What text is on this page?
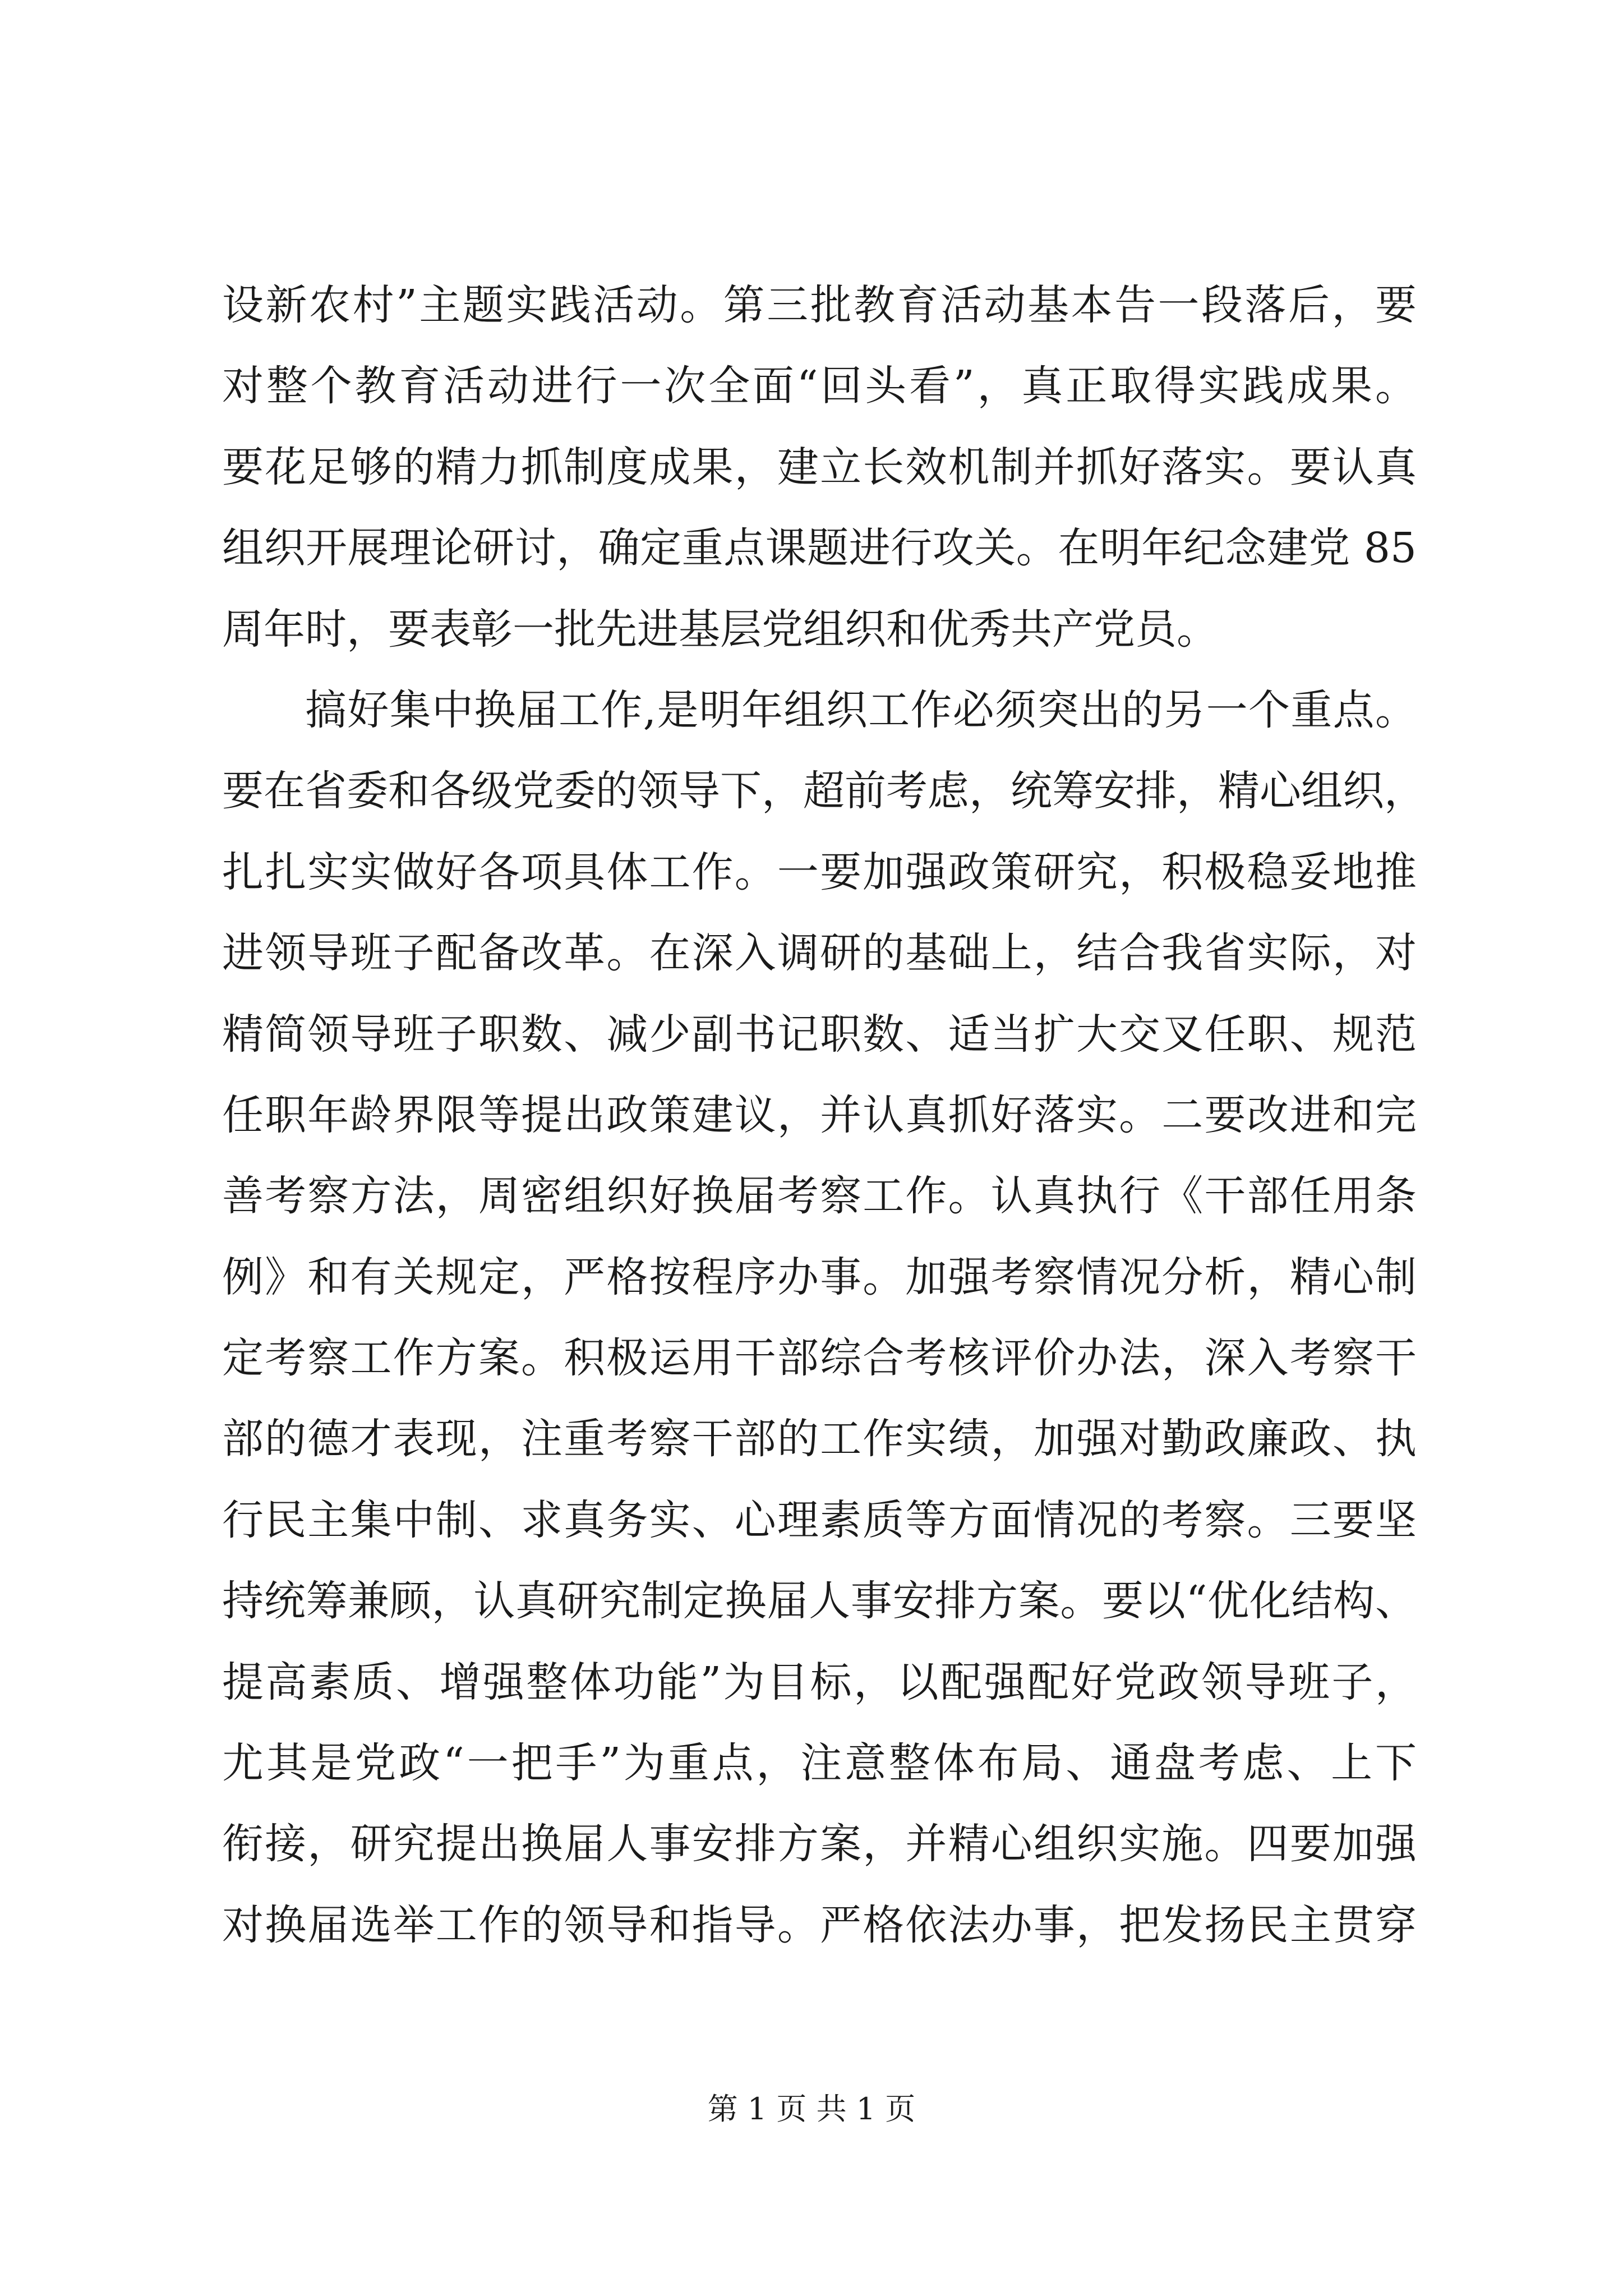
设新农村”主题实践活动。第三批教育活动基本告一段落后，要
对整个教育活动进行一次全面“回头看”，真正取得实践成果。
要花足够的精力抓制度成果，建立长效机制并抓好落实。要认真
组织开展理论研讨，确定重点课题进行攻关。在明年纪念建党 85
周年时，要表彰一批先进基层党组织和优秀共产党员。
搞好集中换届工作,是明年组织工作必须突出的另一个重点。
要在省委和各级党委的领导下，超前考虑，统筹安排，精心组织，
扎扎实实做好各项具体工作。一要加强政策研究，积极稳妥地推
进领导班子配备改革。在深入调研的基础上，结合我省实际，对
精简领导班子职数、减少副书记职数、适当扩大交叉任职、规范
任职年龄界限等提出政策建议，并认真抓好落实。二要改进和完
善考察方法，周密组织好换届考察工作。认真执行《干部任用条
例》和有关规定，严格按程序办事。加强考察情况分析，精心制
定考察工作方案。积极运用干部综合考核评价办法，深入考察干
部的德才表现，注重考察干部的工作实绩，加强对勤政廉政、执
行民主集中制、求真务实、心理素质等方面情况的考察。三要坚
持统筹兼顾，认真研究制定换届人事安排方案。要以“优化结构、
提高素质、增强整体功能”为目标，以配强配好党政领导班子，
尤其是党政“一把手”为重点，注意整体布局、通盘考虑、上下
衔接，研究提出换届人事安排方案，并精心组织实施。四要加强
对换届选举工作的领导和指导。严格依法办事，把发扬民主贯穿
第 1 页 共 1 页
